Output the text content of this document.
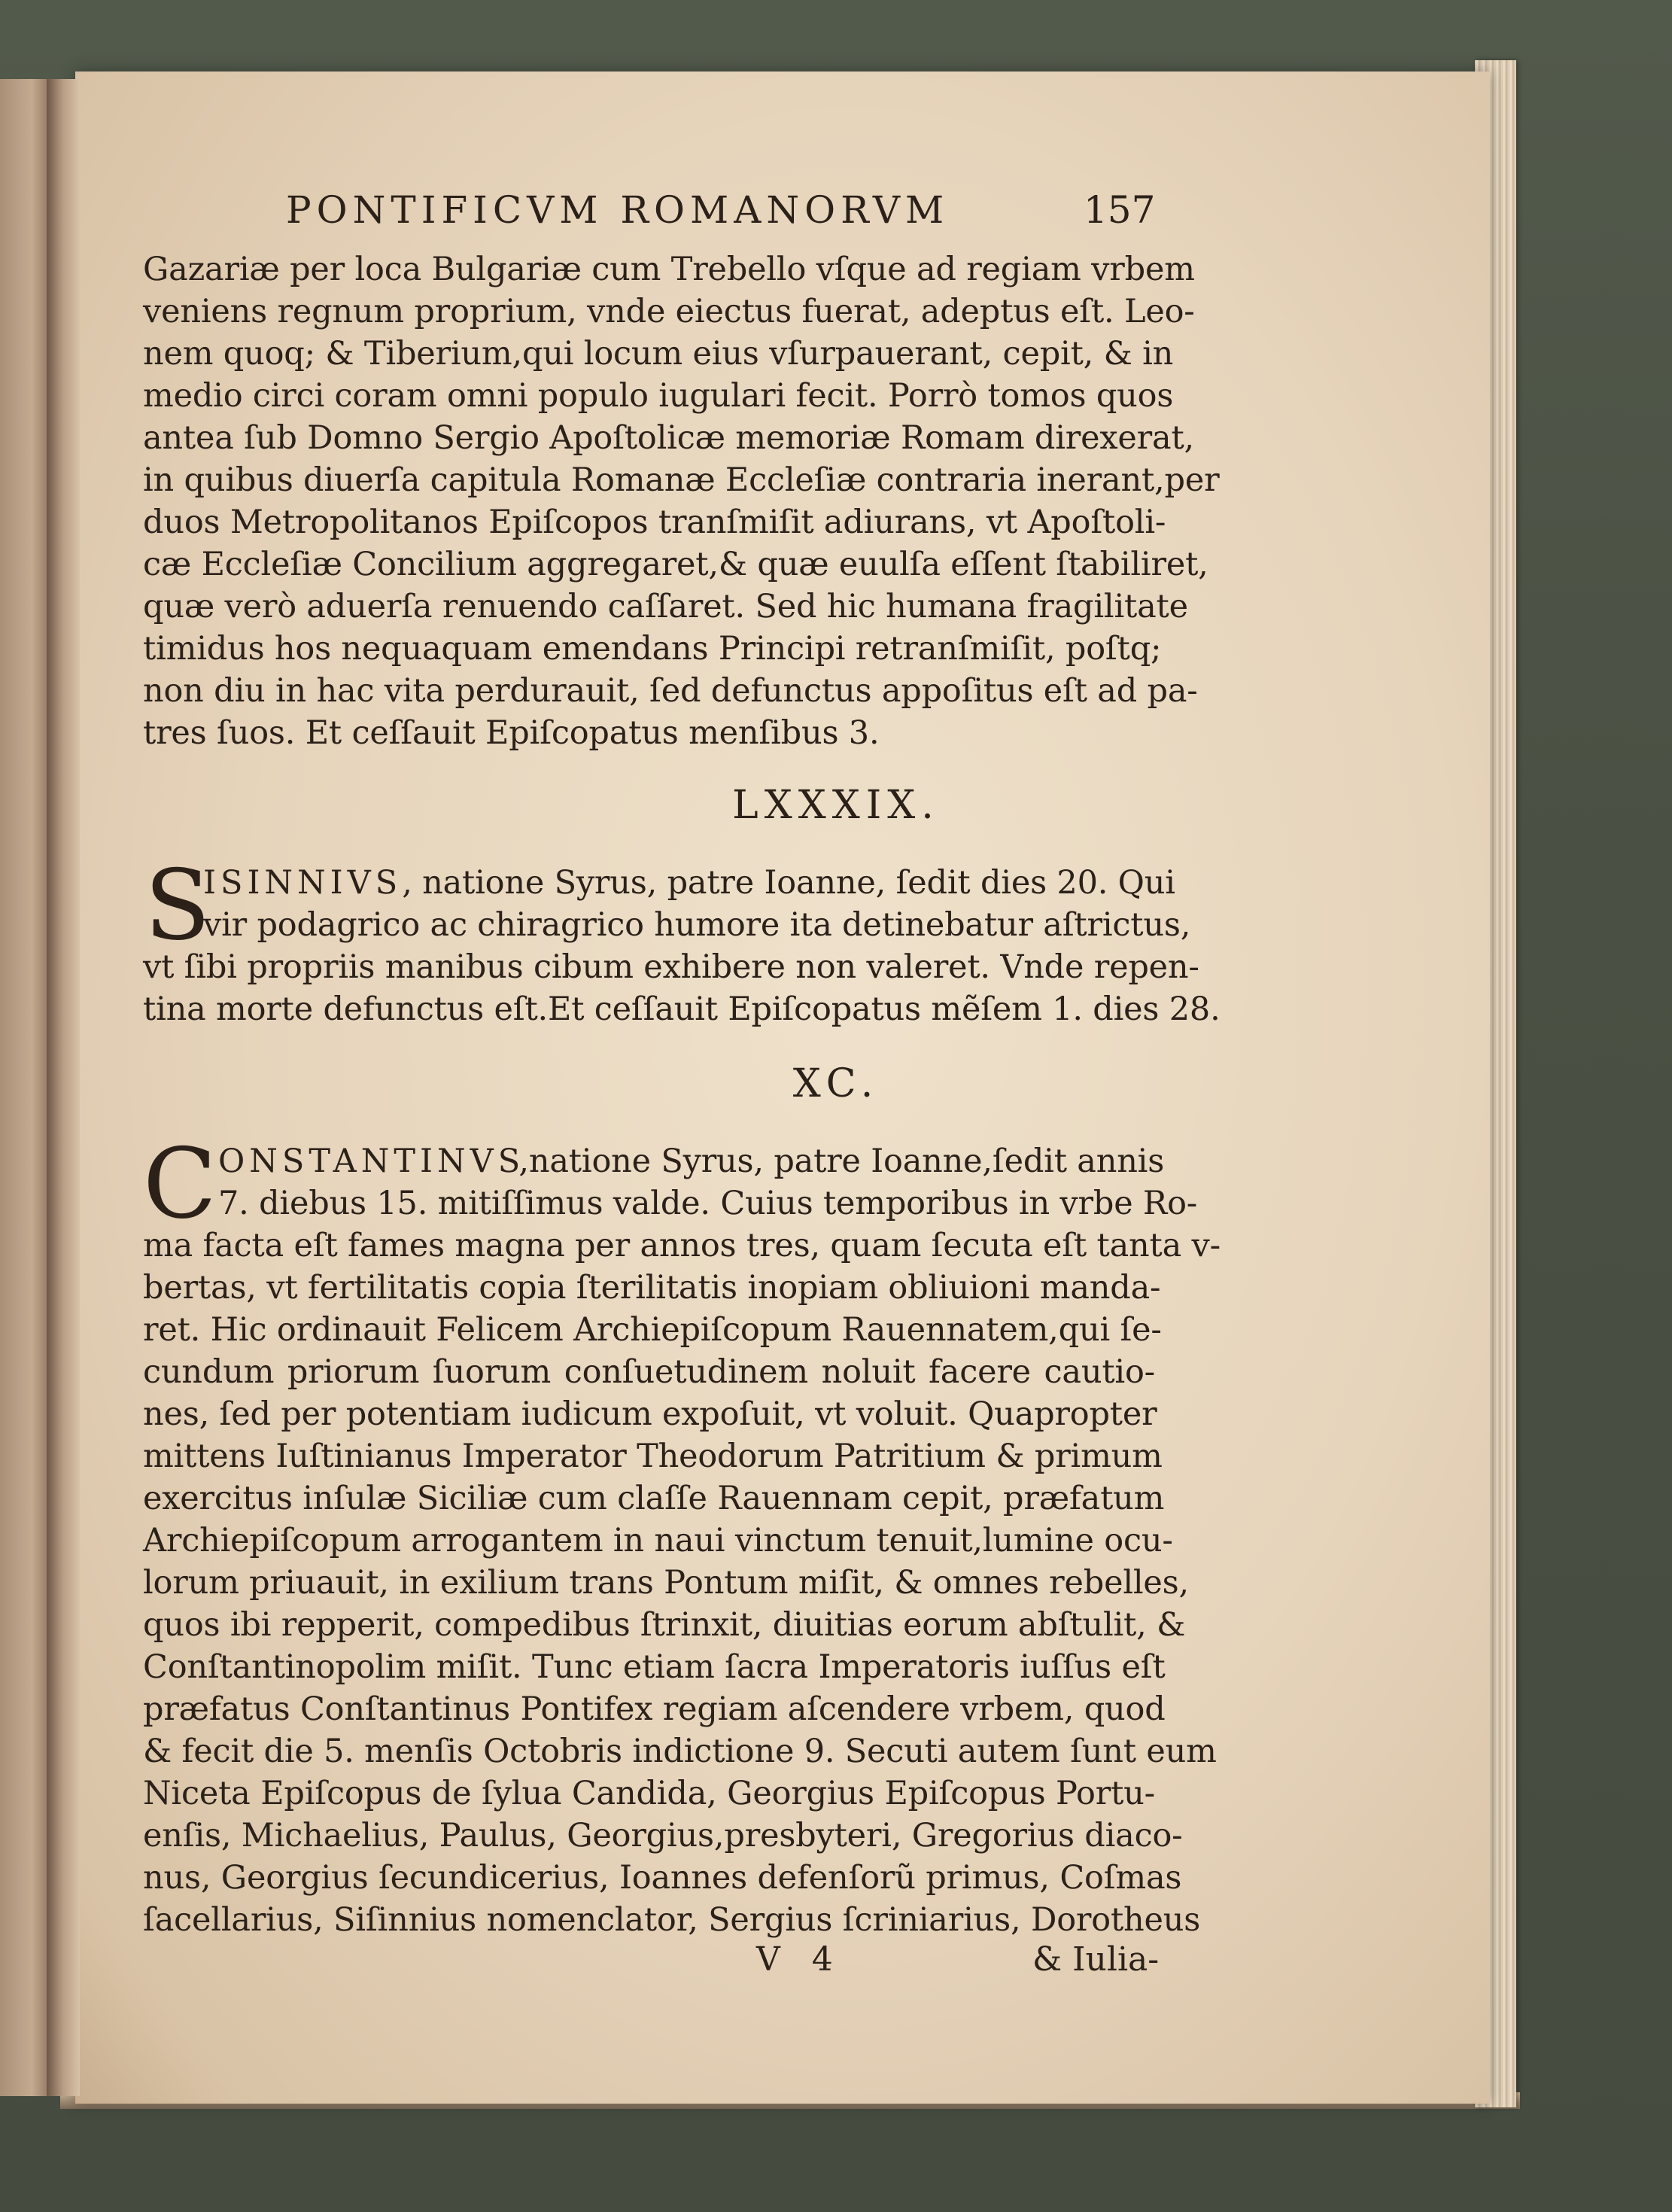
PONTIFICVM ROMANORVM	157
Gazariæ per loca Bulgariæ cum Trebello vſque ad regiam vrbem
veniens regnum proprium, vnde eiectus fuerat, adeptus eſt. Leo-
nem quoq; & Tiberium,qui locum eius vſurpauerant, cepit, & in
medio circi coram omni populo iugulari fecit. Porrò tomos quos
antea ſub Domno Sergio Apoſtolicæ memoriæ Romam direxerat,
in quibus diuerſa capitula Romanæ Eccleſiæ contraria inerant,per
duos Metropolitanos Epiſcopos tranſmiſit adiurans, vt Apoſtoli-
cæ Eccleſiæ Concilium aggregaret,& quæ euulſa eſſent ſtabiliret,
quæ verò aduerſa renuendo caſſaret. Sed hic humana fragilitate
timidus hos nequaquam emendans Principi retranſmiſit, poſtq;
non diu in hac vita perdurauit, ſed defunctus appoſitus eſt ad pa-
tres ſuos. Et ceſſauit Epiſcopatus menſibus 3.
LXXXIX.
S
ISINNIVS, natione Syrus, patre Ioanne, ſedit dies 20. Qui
vir podagrico ac chiragrico humore ita detinebatur aſtrictus,
vt ſibi propriis manibus cibum exhibere non valeret. Vnde repen-
tina morte defunctus eſt.Et ceſſauit Epiſcopatus mẽſem 1. dies 28.
XC.
C ONSTANTINVS,natione Syrus, patre Ioanne,ſedit annis
7. diebus 15. mitiſſimus valde. Cuius temporibus in vrbe Ro-
ma facta eſt fames magna per annos tres, quam ſecuta eſt tanta v-
bertas, vt fertilitatis copia ſterilitatis inopiam obliuioni manda-
ret. Hic ordinauit Felicem Archiepiſcopum Rauennatem,qui ſe-
cundum priorum ſuorum conſuetudinem noluit facere cautio-
nes, ſed per potentiam iudicum expoſuit, vt voluit. Quapropter
mittens Iuſtinianus Imperator Theodorum Patritium & primum
exercitus inſulæ Siciliæ cum claſſe Rauennam cepit, præfatum
Archiepiſcopum arrogantem in naui vinctum tenuit,lumine ocu-
lorum priuauit, in exilium trans Pontum miſit, & omnes rebelles,
quos ibi repperit, compedibus ſtrinxit, diuitias eorum abſtulit, &
Conſtantinopolim miſit. Tunc etiam ſacra Imperatoris iuſſus eſt
præfatus Conſtantinus Pontifex regiam aſcendere vrbem, quod
& fecit die 5. menſis Octobris indictione 9. Secuti autem ſunt eum
Niceta Epiſcopus de ſylua Candida, Georgius Epiſcopus Portu-
enſis, Michaelius, Paulus, Georgius,presbyteri, Gregorius diaco-
nus, Georgius ſecundicerius, Ioannes defenſorũ primus, Coſmas
ſacellarius, Siſinnius nomenclator, Sergius ſcriniarius, Dorotheus
V 4	& Iulia-
